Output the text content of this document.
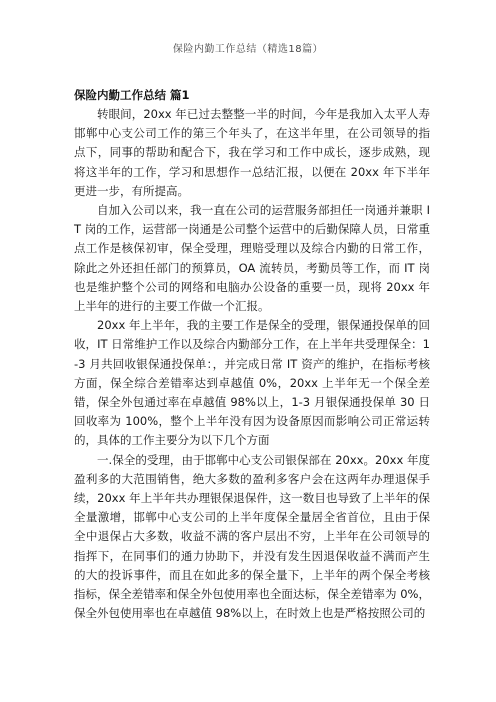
保险内勤工作总结（精选18篇）
保险内勤工作总结 篇1

转眼间，20xx 年已过去整整一半的时间，今年是我加入太平人寿邯郸中心支公司工作的第三个年头了，在这半年里，在公司领导的指点下，同事的帮助和配合下，我在学习和工作中成长，逐步成熟，现将这半年的工作，学习和思想作一总结汇报，以便在 20xx 年下半年更进一步，有所提高。

自加入公司以来，我一直在公司的运营服务部担任一岗通并兼职 IT 岗的工作，运营部一岗通是公司整个运营中的后勤保障人员，日常重点工作是核保初审，保全受理，理赔受理以及综合内勤的日常工作，除此之外还担任部门的预算员，OA 流转员，考勤员等工作，而 IT 岗也是维护整个公司的网络和电脑办公设备的重要一员，现将 20xx 年上半年的进行的主要工作做一个汇报。

20xx 年上半年，我的主要工作是保全的受理，银保通投保单的回收，IT 日常维护工作以及综合内勤部分工作，在上半年共受理保全：1-3 月共回收银保通投保单：，并完成日常 IT 资产的维护，在指标考核方面，保全综合差错率达到卓越值 0%，20xx 上半年无一个保全差错，保全外包通过率在卓越值 98%以上，1-3 月银保通投保单 30 日回收率为 100%，整个上半年没有因为设备原因而影响公司正常运转的，具体的工作主要分为以下几个方面

一.保全的受理，由于邯郸中心支公司银保部在 20xx。20xx 年度盈利多的大范围销售，绝大多数的盈利多客户会在这两年办理退保手续，20xx 年上半年共办理银保退保件，这一数目也导致了上半年的保全量激增，邯郸中心支公司的上半年度保全量居全省首位，且由于保全中退保占大多数，收益不满的客户层出不穷，上半年在公司领导的指挥下，在同事们的通力协助下，并没有发生因退保收益不满而产生的大的投诉事件，而且在如此多的保全量下，上半年的两个保全考核指标，保全差错率和保全外包使用率也全面达标，保全差错率为 0%，保全外包使用率也在卓越值 98%以上，在时效上也是严格按照公司的
